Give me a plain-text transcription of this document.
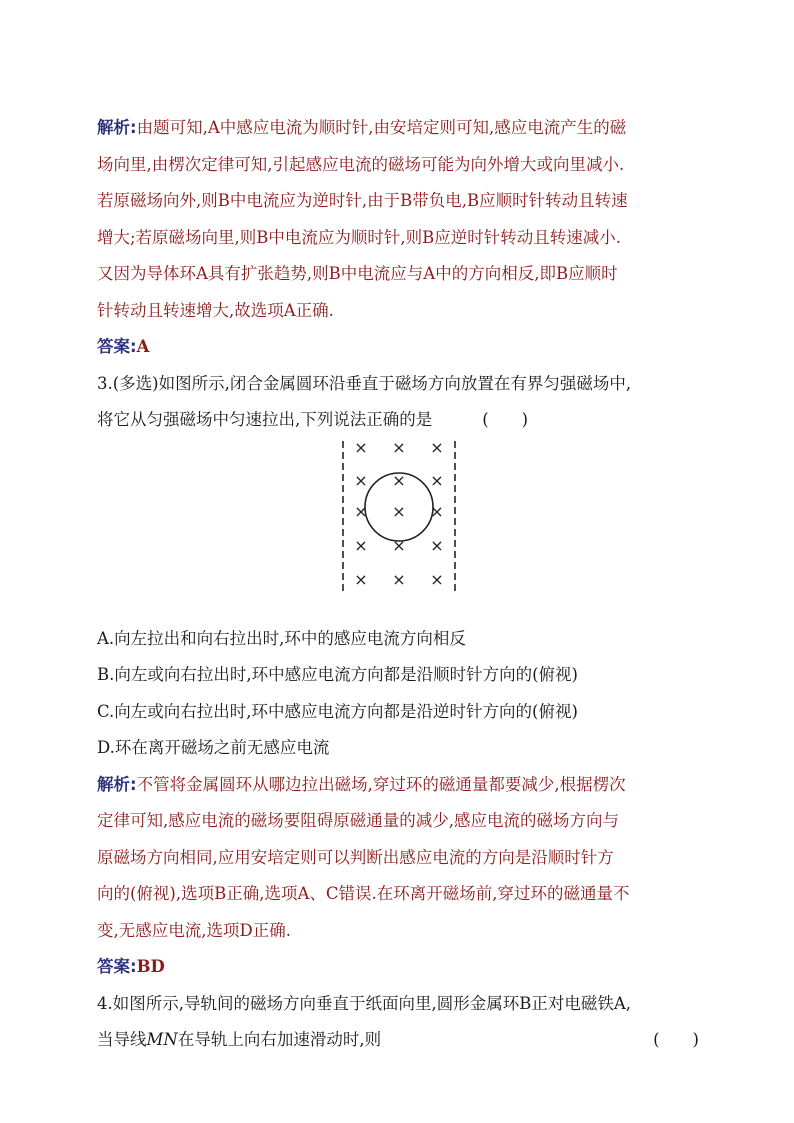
解析:由题可知,A中感应电流为顺时针,由安培定则可知,感应电流产生的磁
场向里,由楞次定律可知,引起感应电流的磁场可能为向外增大或向里减小.
若原磁场向外,则B中电流应为逆时针,由于B带负电,B应顺时针转动且转速
增大;若原磁场向里,则B中电流应为顺时针,则B应逆时针转动且转速减小.
又因为导体环A具有扩张趋势,则B中电流应与A中的方向相反,即B应顺时
针转动且转速增大,故选项A正确.
答案:A
3.(多选)如图所示,闭合金属圆环沿垂直于磁场方向放置在有界匀强磁场中,
将它从匀强磁场中匀速拉出,下列说法正确的是	(　　)
× × ×
× × ×
× × ×
× × ×
× × ×
A.向左拉出和向右拉出时,环中的感应电流方向相反
B.向左或向右拉出时,环中感应电流方向都是沿顺时针方向的(俯视)
C.向左或向右拉出时,环中感应电流方向都是沿逆时针方向的(俯视)
D.环在离开磁场之前无感应电流
解析:不管将金属圆环从哪边拉出磁场,穿过环的磁通量都要减少,根据楞次
定律可知,感应电流的磁场要阻碍原磁通量的减少,感应电流的磁场方向与
原磁场方向相同,应用安培定则可以判断出感应电流的方向是沿顺时针方
向的(俯视),选项B正确,选项A、C错误.在环离开磁场前,穿过环的磁通量不
变,无感应电流,选项D正确.
答案:BD
4.如图所示,导轨间的磁场方向垂直于纸面向里,圆形金属环B正对电磁铁A,
当导线MN在导轨上向右加速滑动时,则	(　　)
